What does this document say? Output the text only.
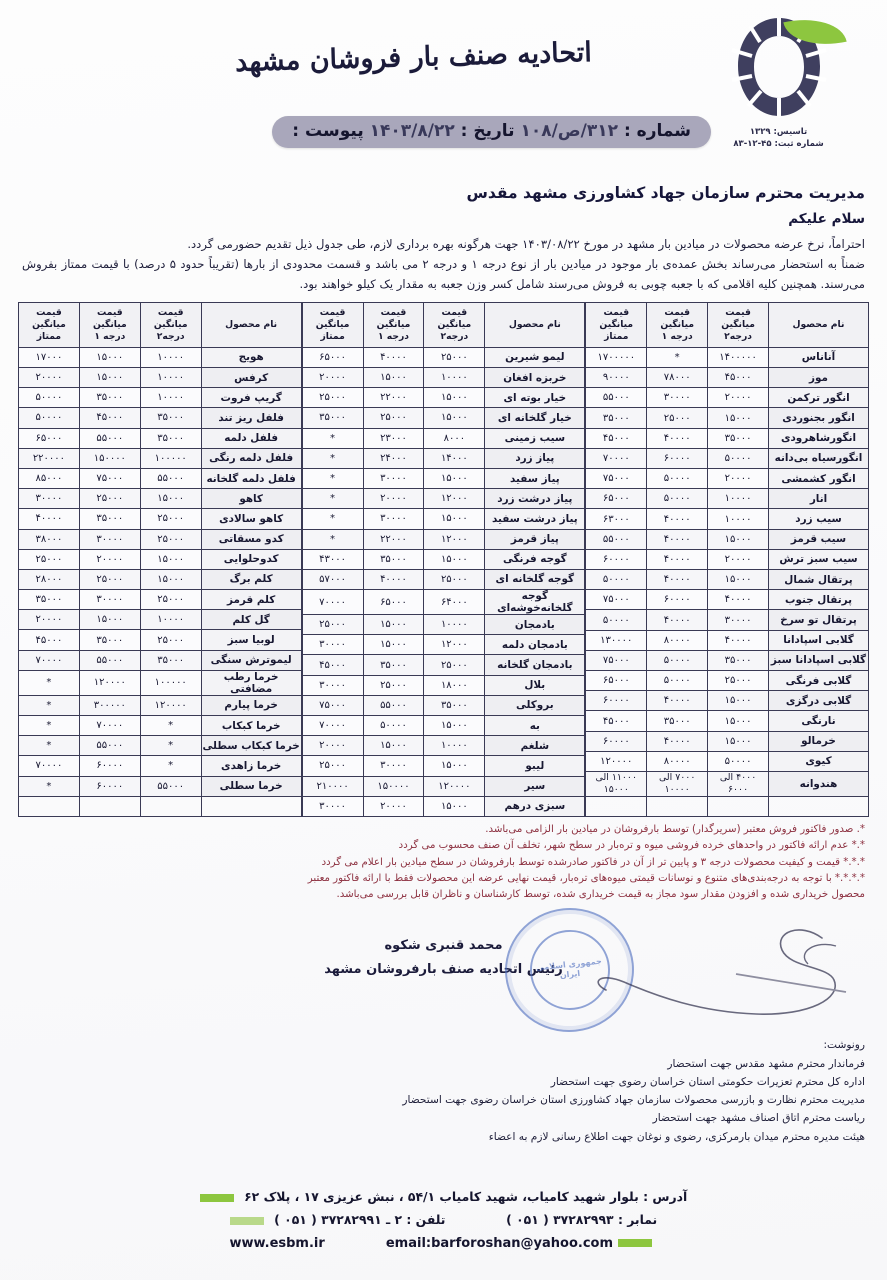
تاسیس: ۱۳۲۹
شماره ثبت: ۴۵-۱۲-۸۳
اتحادیه صنف بار فروشان مشهد
شماره : ۳۱۲/ص/۱۰۸ تاریخ : ۱۴۰۳/۸/۲۲ پیوست :
مدیریت محترم سازمان جهاد کشاورزی مشهد مقدس
سلام علیکم

احتراماً، نرخ عرضه محصولات در میادین بار مشهد در مورخ ۱۴۰۳/۰۸/۲۲ جهت هرگونه بهره برداری لازم، طی جدول ذیل تقدیم حضورمی گردد.

ضمناً به استحضار می‌رساند بخش عمده‌ی بار موجود در میادین بار از نوع درجه ۱ و درجه ۲ می باشد و قسمت محدودی از بارها (تقریباً حدود ۵ درصد) با قیمت ممتاز بفروش می‌رسند. همچنین کلیه اقلامی که با جعبه چوبی به فروش می‌رسند شامل کسر وزن جعبه به مقدار یک کیلو خواهند بود.

نام محصول	قیمت
میانگین
درجه۲	قیمت
میانگین
درجه ۱	قیمت
میانگین
ممتاز
آناناس	۱۴۰۰۰۰۰	*	۱۷۰۰۰۰۰
موز	۴۵۰۰۰	۷۸۰۰۰	۹۰۰۰۰
انگور ترکمن	۲۰۰۰۰	۳۰۰۰۰	۵۵۰۰۰
انگور بجنوردی	۱۵۰۰۰	۲۵۰۰۰	۳۵۰۰۰
انگورشاهرودی	۳۵۰۰۰	۴۰۰۰۰	۴۵۰۰۰
انگورسیاه بی‌دانه	۵۰۰۰۰	۶۰۰۰۰	۷۰۰۰۰
انگور کشمشی	۲۰۰۰۰	۵۰۰۰۰	۷۵۰۰۰
انار	۱۰۰۰۰	۵۰۰۰۰	۶۵۰۰۰
سیب زرد	۱۰۰۰۰	۴۰۰۰۰	۶۳۰۰۰
سیب قرمز	۱۵۰۰۰	۴۰۰۰۰	۵۵۰۰۰
سیب سبز ترش	۲۰۰۰۰	۴۰۰۰۰	۶۰۰۰۰
پرتقال شمال	۱۵۰۰۰	۴۰۰۰۰	۵۰۰۰۰
پرتقال جنوب	۴۰۰۰۰	۶۰۰۰۰	۷۵۰۰۰
پرتقال تو سرخ	۳۰۰۰۰	۴۰۰۰۰	۵۰۰۰۰
گلابی اسپادانا	۴۰۰۰۰	۸۰۰۰۰	۱۳۰۰۰۰
گلابی اسپادانا سبز	۳۵۰۰۰	۵۰۰۰۰	۷۵۰۰۰
گلابی فرنگی	۲۵۰۰۰	۵۰۰۰۰	۶۵۰۰۰
گلابی درگزی	۱۵۰۰۰	۴۰۰۰۰	۶۰۰۰۰
نارنگی	۱۵۰۰۰	۳۵۰۰۰	۴۵۰۰۰
خرمالو	۱۵۰۰۰	۴۰۰۰۰	۶۰۰۰۰
کیوی	۵۰۰۰۰	۸۰۰۰۰	۱۲۰۰۰۰
هندوانه	۴۰۰۰ الی
۶۰۰۰	۷۰۰۰ الی
۱۰۰۰۰	۱۱۰۰۰ الی
۱۵۰۰۰

نام محصول	قیمت
میانگین
درجه۲	قیمت
میانگین
درجه ۱	قیمت
میانگین
ممتاز
لیمو شیرین	۲۵۰۰۰	۴۰۰۰۰	۶۵۰۰۰
خربزه افغان	۱۰۰۰۰	۱۵۰۰۰	۲۰۰۰۰
خیار بوته ای	۱۵۰۰۰	۲۲۰۰۰	۲۵۰۰۰
خیار گلخانه ای	۱۵۰۰۰	۲۵۰۰۰	۳۵۰۰۰
سیب زمینی	۸۰۰۰	۲۳۰۰۰	*
پیاز زرد	۱۴۰۰۰	۲۴۰۰۰	*
پیاز سفید	۱۵۰۰۰	۳۰۰۰۰	*
پیاز درشت زرد	۱۲۰۰۰	۲۰۰۰۰	*
پیاز درشت سفید	۱۵۰۰۰	۳۰۰۰۰	*
پیاز قرمز	۱۲۰۰۰	۲۲۰۰۰	*
گوجه فرنگی	۱۵۰۰۰	۳۵۰۰۰	۴۳۰۰۰
گوجه گلخانه ای	۲۵۰۰۰	۴۰۰۰۰	۵۷۰۰۰
گوجه گلخانه‌خوشه‌ای	۶۴۰۰۰	۶۵۰۰۰	۷۰۰۰۰
بادمجان	۱۰۰۰۰	۱۵۰۰۰	۲۵۰۰۰
بادمجان دلمه	۱۲۰۰۰	۱۵۰۰۰	۳۰۰۰۰
بادمجان گلخانه	۲۵۰۰۰	۳۵۰۰۰	۴۵۰۰۰
بلال	۱۸۰۰۰	۲۵۰۰۰	۳۰۰۰۰
بروکلی	۳۵۰۰۰	۵۵۰۰۰	۷۵۰۰۰
به	۱۵۰۰۰	۵۰۰۰۰	۷۰۰۰۰
شلغم	۱۰۰۰۰	۱۵۰۰۰	۲۰۰۰۰
لیبو	۱۵۰۰۰	۳۰۰۰۰	۲۵۰۰۰
سیر	۱۲۰۰۰۰	۱۵۰۰۰۰	۲۱۰۰۰۰
سبزی درهم	۱۵۰۰۰	۲۰۰۰۰	۳۰۰۰۰
نام محصول	قیمت
میانگین
درجه۲	قیمت
میانگین
درجه ۱	قیمت
میانگین
ممتاز
هویج	۱۰۰۰۰	۱۵۰۰۰	۱۷۰۰۰
کرفس	۱۰۰۰۰	۱۵۰۰۰	۲۰۰۰۰
گریپ فروت	۱۰۰۰۰	۳۵۰۰۰	۵۰۰۰۰
فلفل ریز تند	۳۵۰۰۰	۴۵۰۰۰	۵۰۰۰۰
فلفل دلمه	۳۵۰۰۰	۵۵۰۰۰	۶۵۰۰۰
فلفل دلمه رنگی	۱۰۰۰۰۰	۱۵۰۰۰۰	۲۲۰۰۰۰
فلفل دلمه گلخانه	۵۵۰۰۰	۷۵۰۰۰	۸۵۰۰۰
کاهو	۱۵۰۰۰	۲۵۰۰۰	۳۰۰۰۰
کاهو سالادی	۲۵۰۰۰	۳۵۰۰۰	۴۰۰۰۰
کدو مسقاتی	۲۵۰۰۰	۳۰۰۰۰	۳۸۰۰۰
کدوحلوایی	۱۵۰۰۰	۲۰۰۰۰	۲۵۰۰۰
کلم برگ	۱۵۰۰۰	۲۵۰۰۰	۲۸۰۰۰
کلم قرمز	۲۵۰۰۰	۳۰۰۰۰	۳۵۰۰۰
گل کلم	۱۰۰۰۰	۱۵۰۰۰	۲۰۰۰۰
لوبیا سبز	۲۵۰۰۰	۳۵۰۰۰	۴۵۰۰۰
لیموترش سنگی	۳۵۰۰۰	۵۵۰۰۰	۷۰۰۰۰
خرما رطب مضافتی	۱۰۰۰۰۰	۱۲۰۰۰۰	*
خرما پیارم	۱۲۰۰۰۰	۳۰۰۰۰۰	*
خرما کبکاب	*	۷۰۰۰۰	*
خرما کبکاب سطلی	*	۵۵۰۰۰	*
خرما زاهدی	*	۶۰۰۰۰	۷۰۰۰۰
خرما سطلی	۵۵۰۰۰	۶۰۰۰۰	*

*. صدور فاکتور فروش معتبر (سریرگدار) توسط بارفروشان در میادین بار الزامی می‌باشد.
*.* عدم ارائه فاکتور در واحدهای خرده فروشی میوه و تره‌بار در سطح شهر، تخلف آن صنف محسوب می گردد
*.*.* قیمت و کیفیت محصولات درجه ۳ و پایین تر از آن در فاکتور صادرشده توسط بارفروشان در سطح میادین بار اعلام می گردد
*.*.*.* با توجه به درجه‌بندی‌های متنوع و نوسانات قیمتی میوه‌های تره‌بار، قیمت نهایی عرضه این محصولات فقط با ارائه فاکتور معتبر
محصول خریداری شده و افزودن مقدار سود مجاز به قیمت خریداری شده، توسط کارشناسان و ناظران قابل بررسی می‌باشد.
محمد قنبری شکوه
رئیس اتحادیه صنف بارفروشان مشهد
جمهوری اسلامی ایران
رونوشت:
فرماندار محترم مشهد مقدس جهت استحضار
اداره کل محترم تعزیرات حکومتی استان خراسان رضوی جهت استحضار
مدیریت محترم نظارت و بازرسی محصولات سازمان جهاد کشاورزی استان خراسان رضوی جهت استحضار
ریاست محترم اتاق اصناف مشهد جهت استحضار
هیئت مدیره محترم میدان بارمرکزی، رضوی و نوغان جهت اطلاع رسانی لازم به اعضاء
آدرس : بلوار شهید کامیاب، شهید کامیاب ۵۴/۱ ، نبش عزیزی ۱۷ ، پلاک ۶۲
نمابر : ۳۷۲۸۲۹۹۳ ( ۰۵۱ )  تلفن : ۲ ـ ۳۷۲۸۲۹۹۱ ( ۰۵۱ )
www.esbm.ir	email:barforoshan@yahoo.com
